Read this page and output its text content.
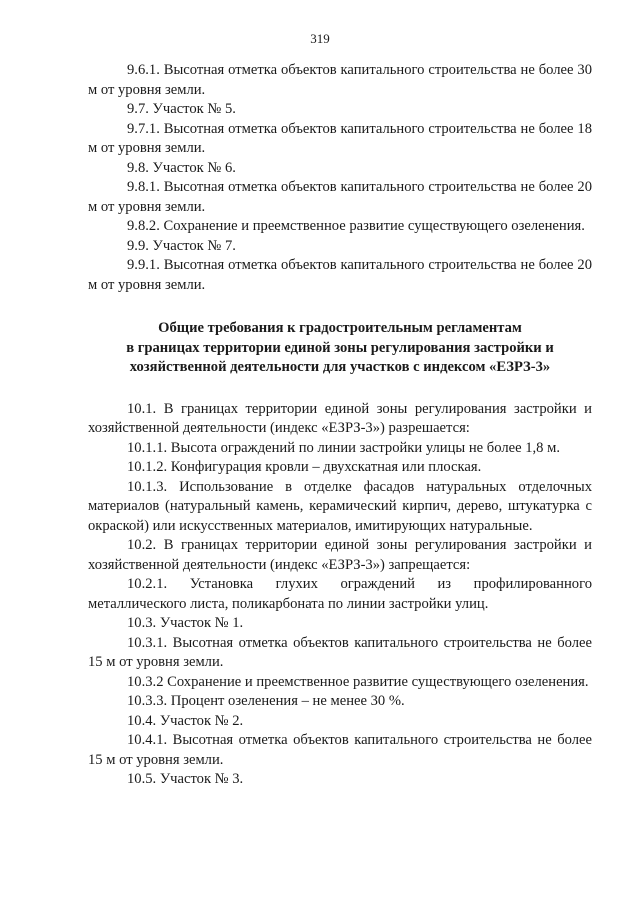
319

9.6.1. Высотная отметка объектов капитального строительства не более 30 м от уровня земли.

9.7. Участок № 5.

9.7.1. Высотная отметка объектов капитального строительства не более 18 м от уровня земли.

9.8. Участок № 6.

9.8.1. Высотная отметка объектов капитального строительства не более 20 м от уровня земли.

9.8.2. Сохранение и преемственное развитие существующего озеленения.

9.9. Участок № 7.

9.9.1. Высотная отметка объектов капитального строительства не более 20 м от уровня земли.

Общие требования к градостроительным регламентам

в границах территории единой зоны регулирования застройки и

хозяйственной деятельности для участков с индексом «ЕЗРЗ-3»

10.1. В границах территории единой зоны регулирования застройки и хозяйственной деятельности (индекс «ЕЗРЗ-3») разрешается:

10.1.1. Высота ограждений по линии застройки улицы не более 1,8 м.

10.1.2. Конфигурация кровли – двухскатная или плоская.

10.1.3. Использование в отделке фасадов натуральных отделочных материалов (натуральный камень, керамический кирпич, дерево, штукатурка с окраской) или искусственных материалов, имитирующих натуральные.

10.2. В границах территории единой зоны регулирования застройки и хозяйственной деятельности (индекс «ЕЗРЗ-3») запрещается:

10.2.1. Установка глухих ограждений из профилированного металлического листа, поликарбоната по линии застройки улиц.

10.3. Участок № 1.

10.3.1. Высотная отметка объектов капитального строительства не более 15 м от уровня земли.

10.3.2 Сохранение и преемственное развитие существующего озеленения.

10.3.3. Процент озеленения – не менее 30 %.

10.4. Участок № 2.

10.4.1. Высотная отметка объектов капитального строительства не более 15 м от уровня земли.

10.5. Участок № 3.
